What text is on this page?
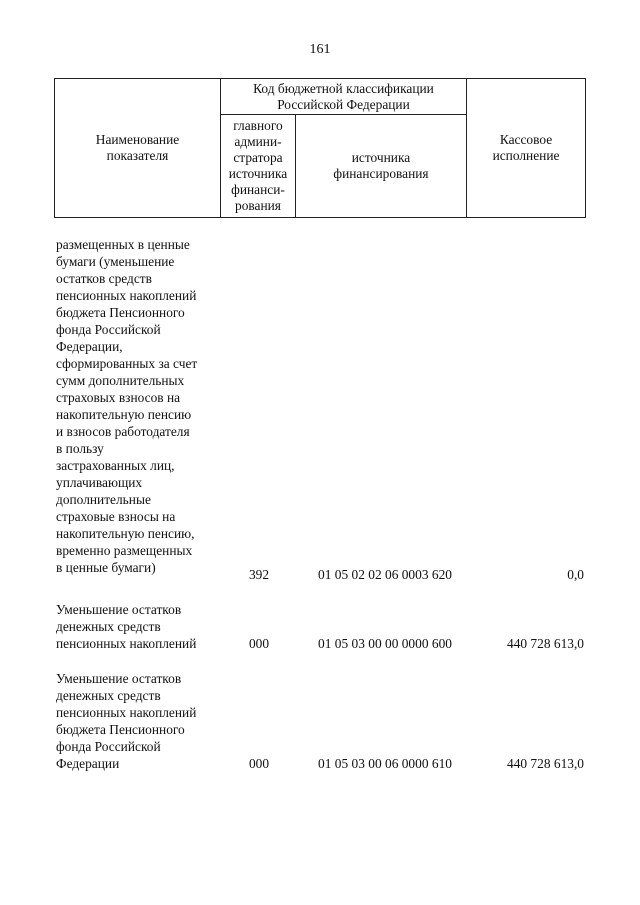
161
Наименование
показателя
Код бюджетной классификации
Российской Федерации
главного
админи-
стратора
источника
финанси-
рования
источника
финансирования
Кассовое
исполнение
размещенных в ценные
бумаги (уменьшение
остатков средств
пенсионных накоплений
бюджета Пенсионного
фонда Российской
Федерации,
сформированных за счет
сумм дополнительных
страховых взносов на
накопительную пенсию
и взносов работодателя
в пользу
застрахованных лиц,
уплачивающих
дополнительные
страховые взносы на
накопительную пенсию,
временно размещенных
в ценные бумаги)	392	01 05 02 02 06 0003 620	0,0
Уменьшение остатков
денежных средств
пенсионных накоплений	000	01 05 03 00 00 0000 600	440 728 613,0
Уменьшение остатков
денежных средств
пенсионных накоплений
бюджета Пенсионного
фонда Российской
Федерации	000	01 05 03 00 06 0000 610	440 728 613,0
